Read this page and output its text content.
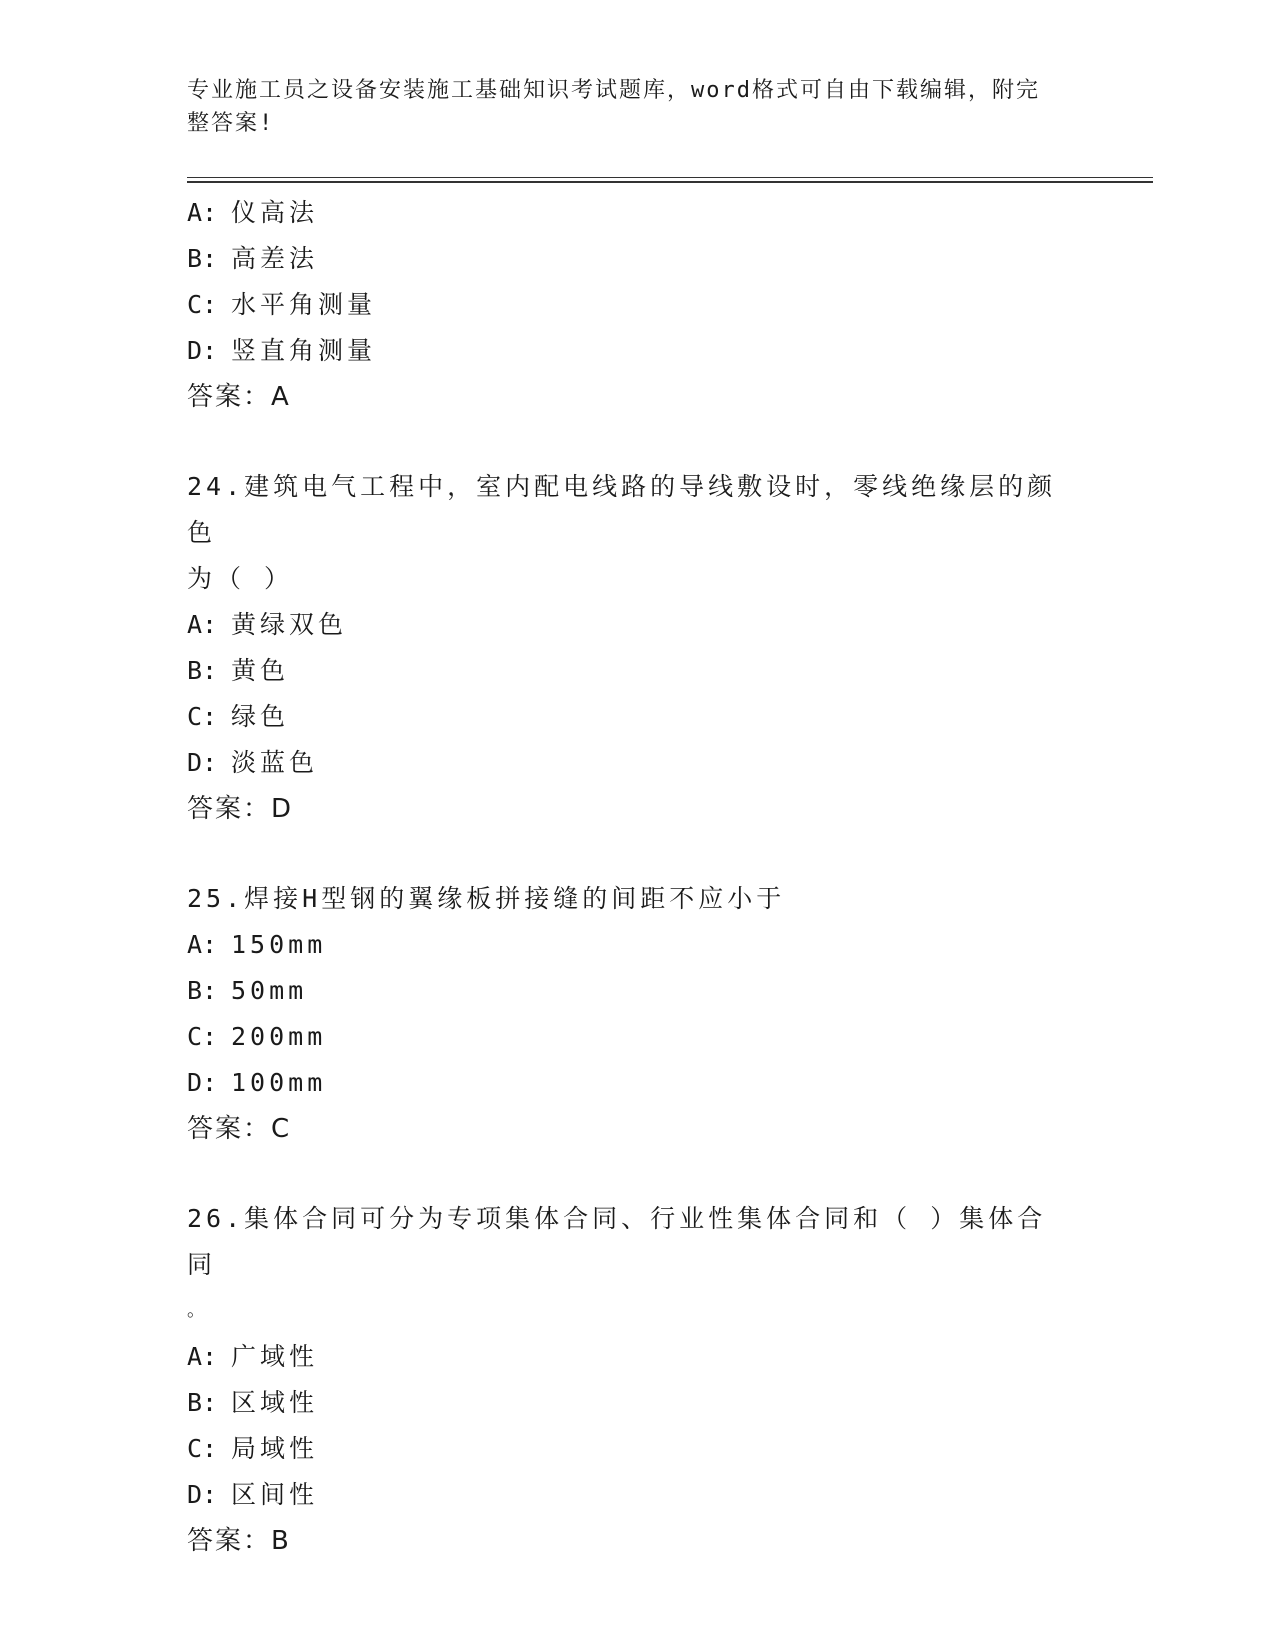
专业施工员之设备安装施工基础知识考试题库，word格式可自由下载编辑，附完
整答案!
A: 仪高法
B: 高差法
C: 水平角测量
D: 竖直角测量
答案：A
24.建筑电气工程中，室内配电线路的导线敷设时，零线绝缘层的颜色
为（ ）
A: 黄绿双色
B: 黄色
C: 绿色
D: 淡蓝色
答案：D
25.焊接H型钢的翼缘板拼接缝的间距不应小于
A: 150mm
B: 50mm
C: 200mm
D: 100mm
答案：C
26.集体合同可分为专项集体合同、行业性集体合同和（ ）集体合同
。
A: 广域性
B: 区域性
C: 局域性
D: 区间性
答案：B
